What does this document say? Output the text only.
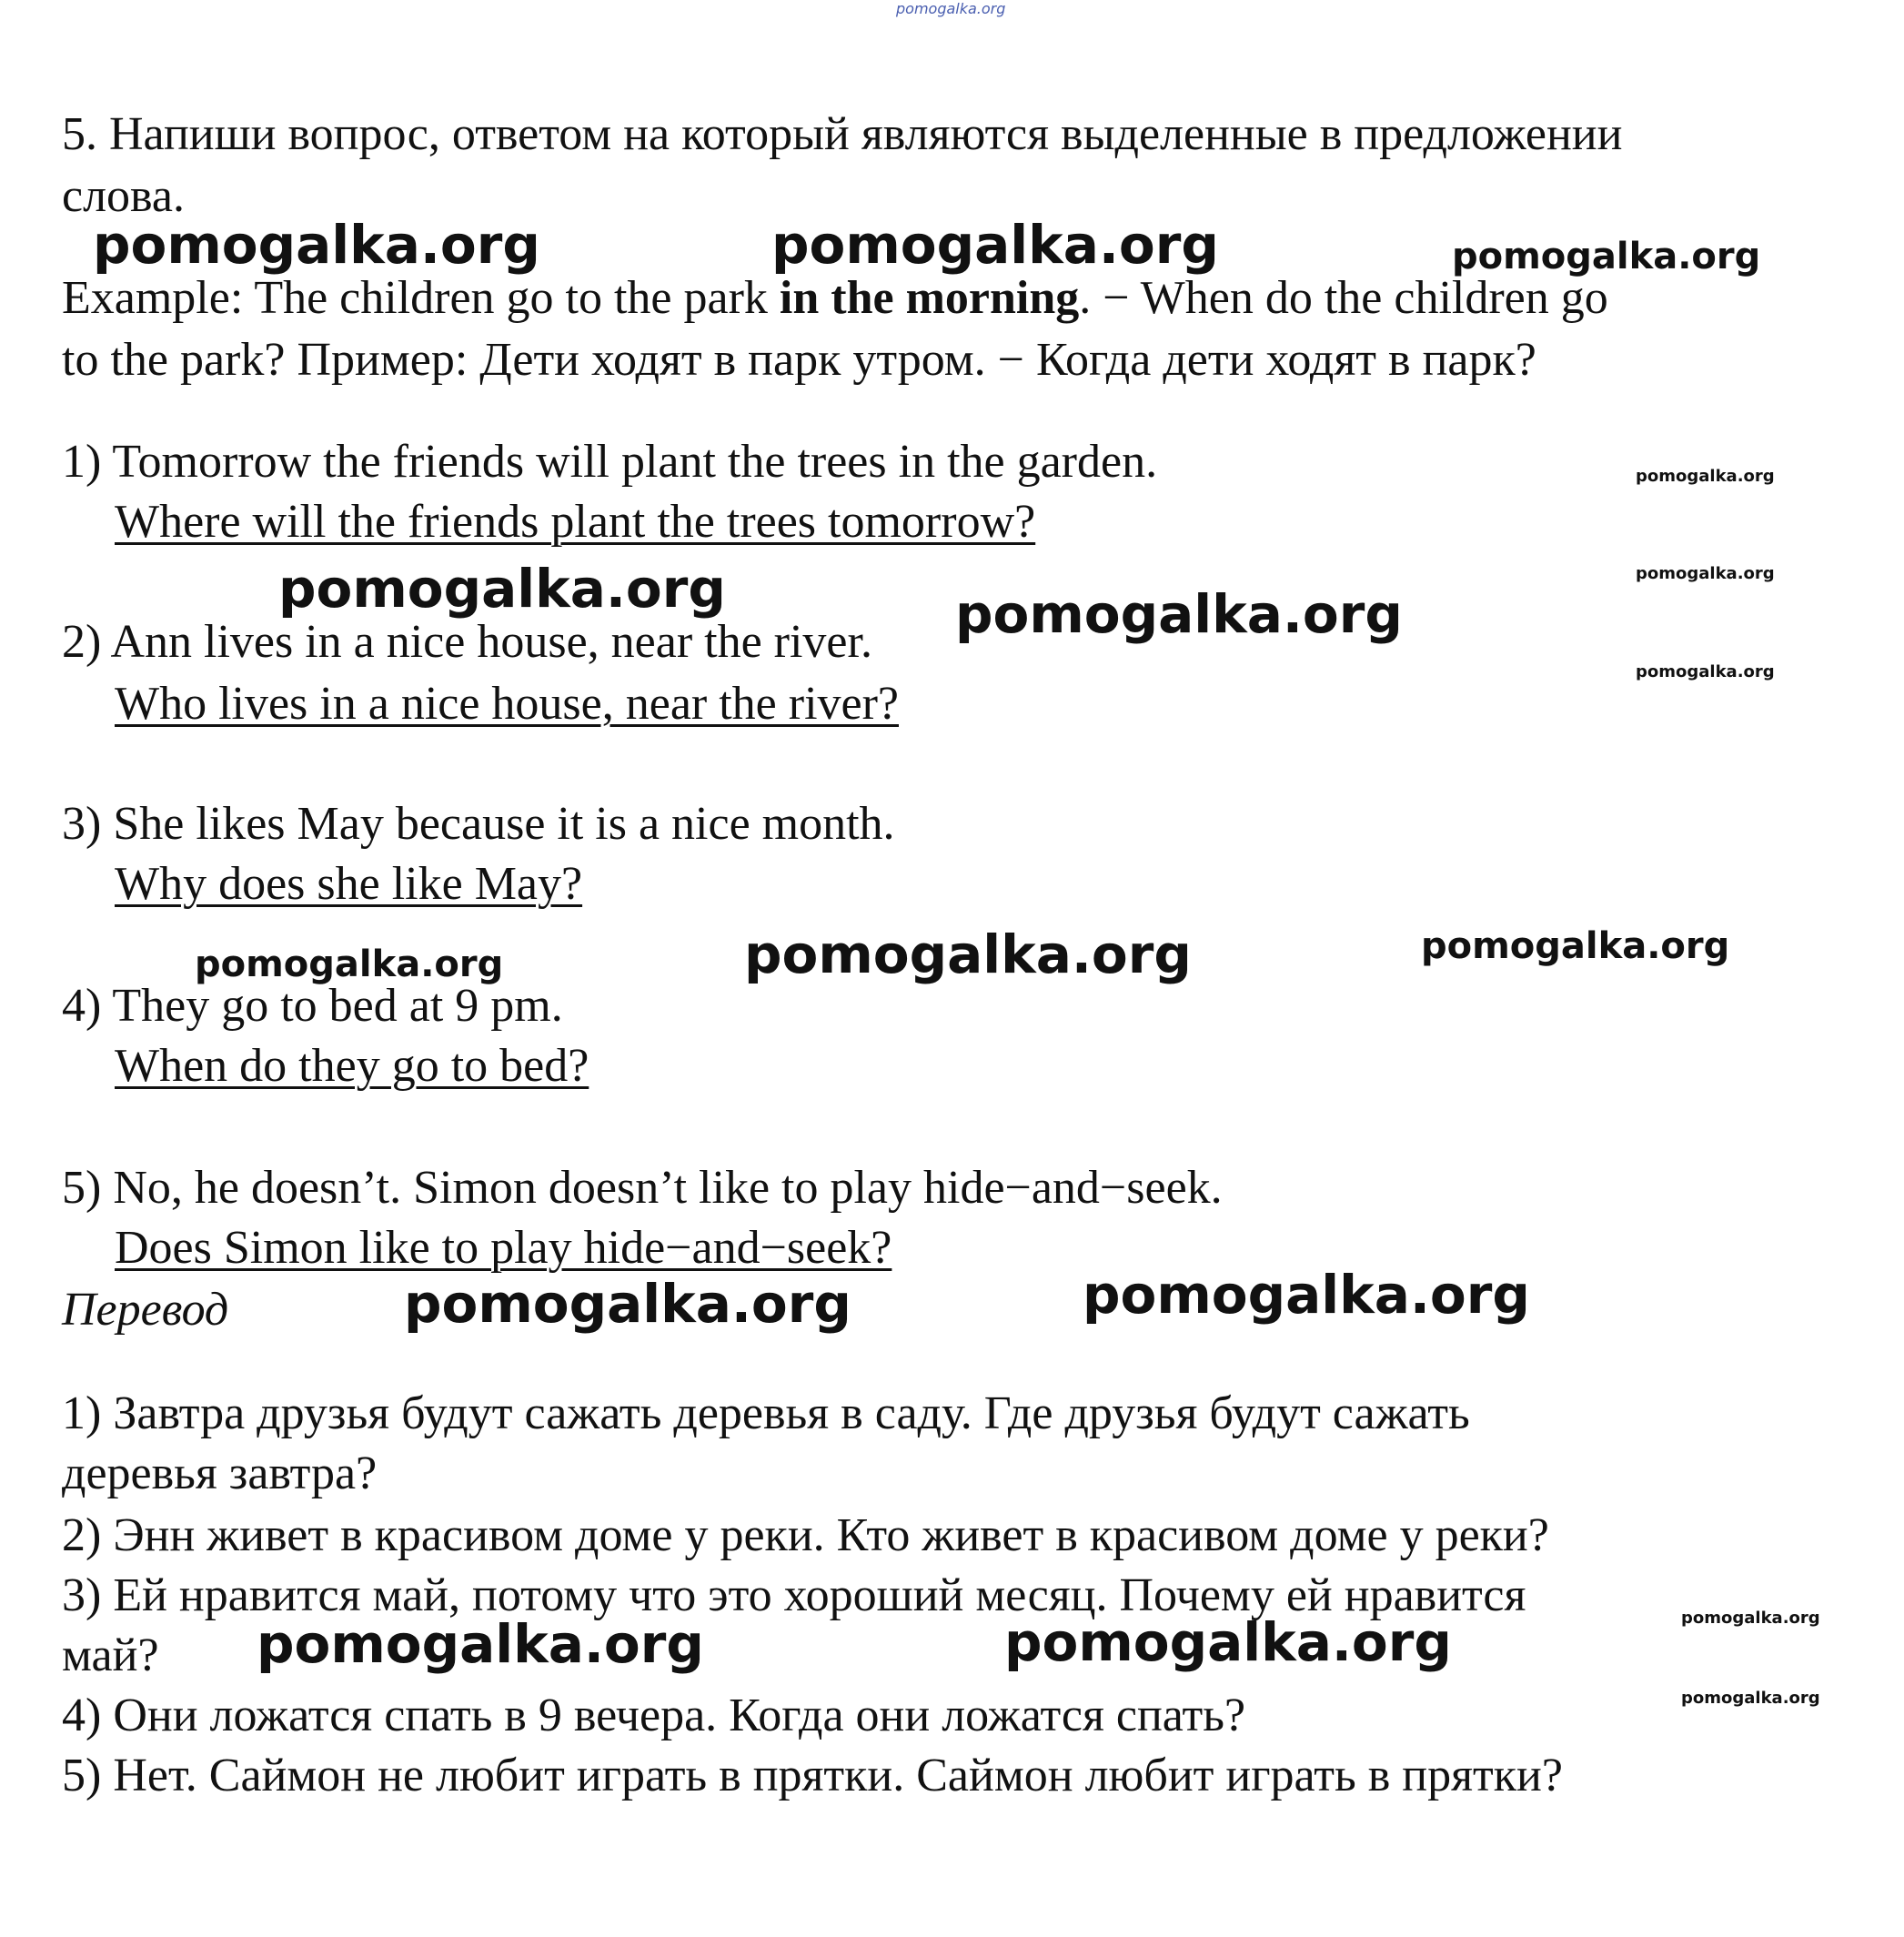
pomogalka.org
5. Напиши вопрос, ответом на который являются выделенные в предложении
слова.
Example: The children go to the park in the morning. − When do the children go
to the park? Пример: Дети ходят в парк утром. − Когда дети ходят в парк?
1) Tomorrow the friends will plant the trees in the garden.
Where will the friends plant the trees tomorrow?
2) Ann lives in a nice house, near the river.
Who lives in a nice house, near the river?
3) She likes May because it is a nice month.
Why does she like May?
4) They go to bed at 9 pm.
When do they go to bed?
5) No, he doesn’t. Simon doesn’t like to play hide−and−seek.
Does Simon like to play hide−and−seek?
Перевод
1) Завтра друзья будут сажать деревья в саду. Где друзья будут сажать
деревья завтра?
2) Энн живет в красивом доме у реки. Кто живет в красивом доме у реки?
3) Ей нравится май, потому что это хороший месяц. Почему ей нравится
май?
4) Они ложатся спать в 9 вечера. Когда они ложатся спать?
5) Нет. Саймон не любит играть в прятки. Саймон любит играть в прятки?
pomogalka.org	pomogalka.org	pomogalka.org
pomogalka.org
pomogalka.org	pomogalka.org
pomogalka.org
pomogalka.org
pomogalka.org
pomogalka.org
pomogalka.org
pomogalka.org
pomogalka.org
pomogalka.org
pomogalka.org	pomogalka.org
pomogalka.org
